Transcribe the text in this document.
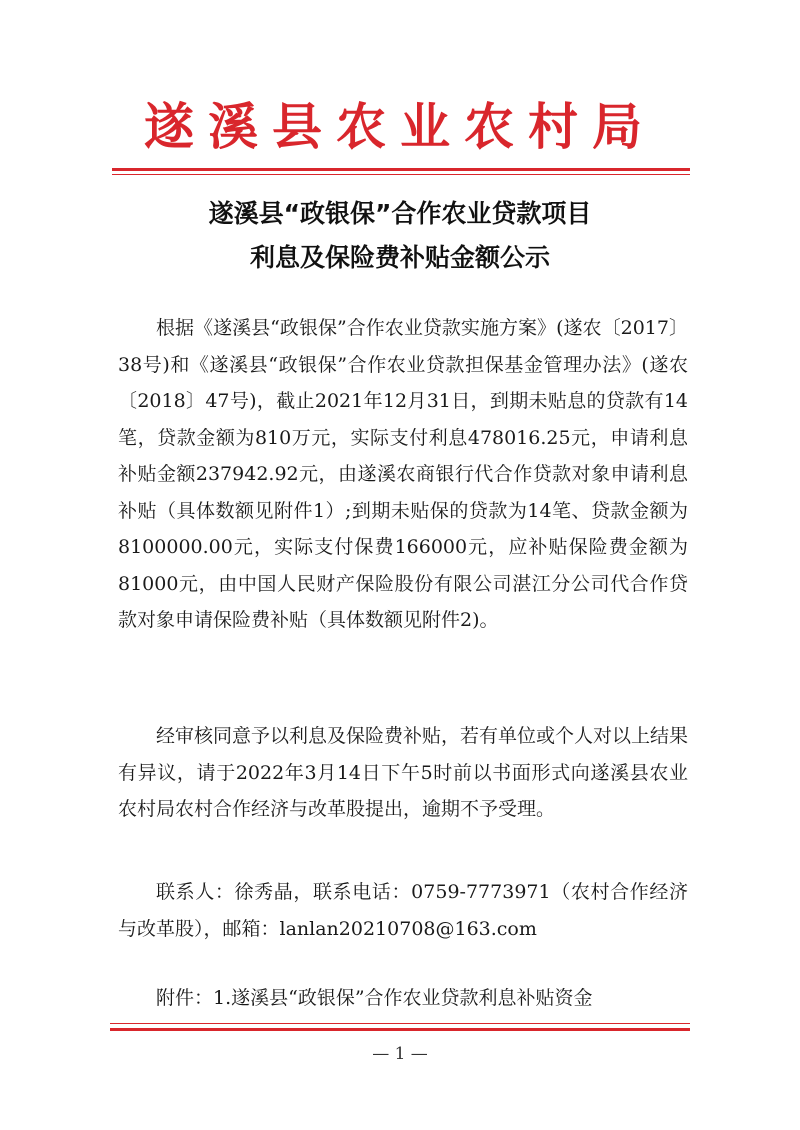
遂溪县农业农村局
遂溪县“政银保”合作农业贷款项目
利息及保险费补贴金额公示

根据《遂溪县“政银保”合作农业贷款实施方案》(遂农〔2017〕38号)和《遂溪县“政银保”合作农业贷款担保基金管理办法》(遂农〔2018〕47号)，截止2021年12月31日，到期未贴息的贷款有14笔，贷款金额为810万元，实际支付利息478016.25元，申请利息补贴金额237942.92元，由遂溪农商银行代合作贷款对象申请利息补贴（具体数额见附件1）;到期未贴保的贷款为14笔、贷款金额为8100000.00元，实际支付保费166000元，应补贴保险费金额为81000元，由中国人民财产保险股份有限公司湛江分公司代合作贷款对象申请保险费补贴（具体数额见附件2)。

经审核同意予以利息及保险费补贴，若有单位或个人对以上结果有异议，请于2022年3月14日下午5时前以书面形式向遂溪县农业农村局农村合作经济与改革股提出，逾期不予受理。

联系人：徐秀晶，联系电话：0759-7773971（农村合作经济与改革股），邮箱：lanlan20210708@163.com

附件：1.遂溪县“政银保”合作农业贷款利息补贴资金

— 1 —
